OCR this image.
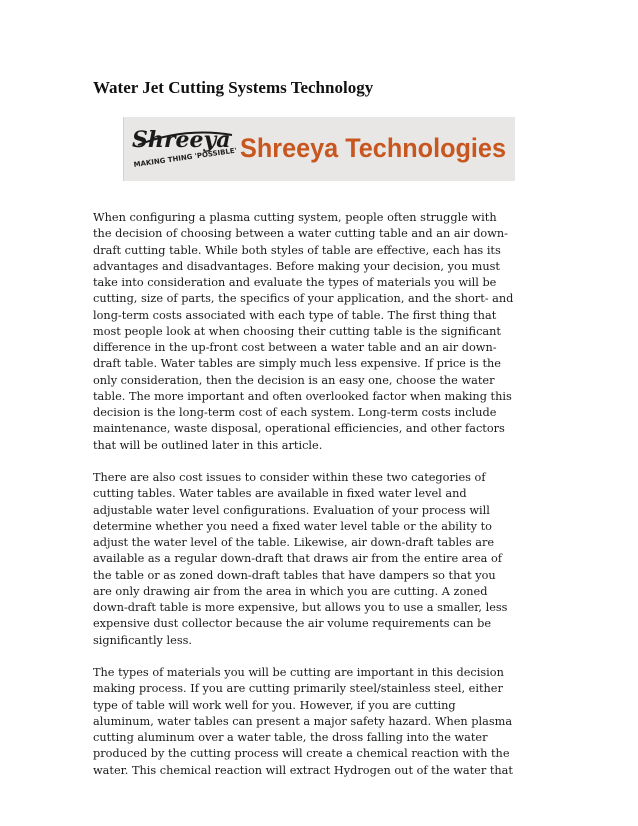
Water Jet Cutting Systems Technology
Shreeya
MAKING THING 'POSSIBLE' Shreeya Technologies

When configuring a plasma cutting system, people often struggle with
the decision of choosing between a water cutting table and an air down-
draft cutting table. While both styles of table are effective, each has its
advantages and disadvantages. Before making your decision, you must
take into consideration and evaluate the types of materials you will be
cutting, size of parts, the specifics of your application, and the short- and
long-term costs associated with each type of table. The first thing that
most people look at when choosing their cutting table is the significant
difference in the up-front cost between a water table and an air down-
draft table. Water tables are simply much less expensive. If price is the
only consideration, then the decision is an easy one, choose the water
table. The more important and often overlooked factor when making this
decision is the long-term cost of each system. Long-term costs include
maintenance, waste disposal, operational efficiencies, and other factors
that will be outlined later in this article.

There are also cost issues to consider within these two categories of
cutting tables. Water tables are available in fixed water level and
adjustable water level configurations. Evaluation of your process will
determine whether you need a fixed water level table or the ability to
adjust the water level of the table. Likewise, air down-draft tables are
available as a regular down-draft that draws air from the entire area of
the table or as zoned down-draft tables that have dampers so that you
are only drawing air from the area in which you are cutting. A zoned
down-draft table is more expensive, but allows you to use a smaller, less
expensive dust collector because the air volume requirements can be
significantly less.

The types of materials you will be cutting are important in this decision
making process. If you are cutting primarily steel/stainless steel, either
type of table will work well for you. However, if you are cutting
aluminum, water tables can present a major safety hazard. When plasma
cutting aluminum over a water table, the dross falling into the water
produced by the cutting process will create a chemical reaction with the
water. This chemical reaction will extract Hydrogen out of the water that
